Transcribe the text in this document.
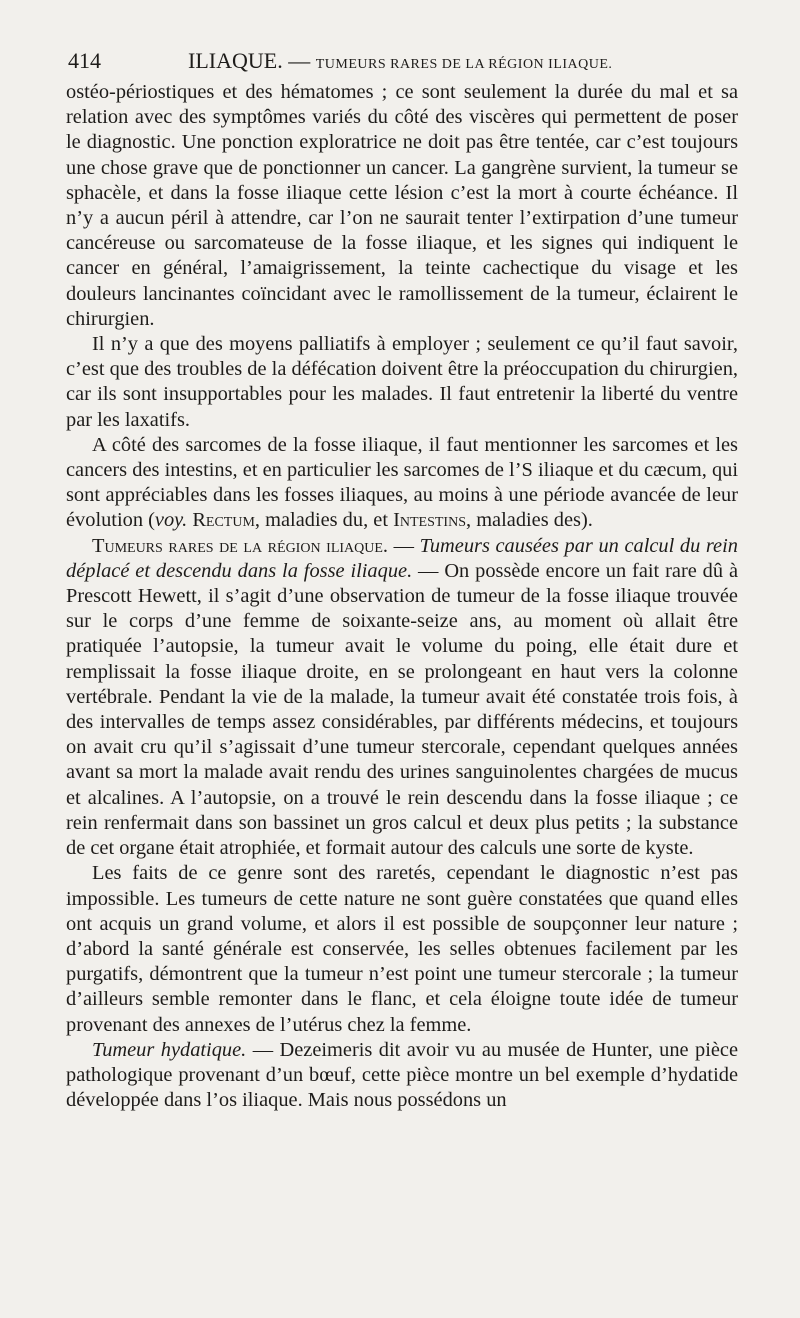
414	ILIAQUE. — TUMEURS RARES DE LA RÉGION ILIAQUE.

ostéo-périostiques et des hématomes ; ce sont seulement la durée du mal et sa relation avec des symptômes variés du côté des viscères qui permettent de poser le diagnostic. Une ponction exploratrice ne doit pas être tentée, car c’est toujours une chose grave que de ponctionner un cancer. La gangrène survient, la tumeur se sphacèle, et dans la fosse iliaque cette lésion c’est la mort à courte échéance. Il n’y a aucun péril à attendre, car l’on ne saurait tenter l’extirpation d’une tumeur cancéreuse ou sarcomateuse de la fosse iliaque, et les signes qui indiquent le cancer en général, l’amaigrissement, la teinte cachectique du visage et les douleurs lancinantes coïncidant avec le ramollissement de la tumeur, éclairent le chirurgien.

Il n’y a que des moyens palliatifs à employer ; seulement ce qu’il faut savoir, c’est que des troubles de la défécation doivent être la préoccupation du chirurgien, car ils sont insupportables pour les malades. Il faut entretenir la liberté du ventre par les laxatifs.

A côté des sarcomes de la fosse iliaque, il faut mentionner les sarcomes et les cancers des intestins, et en particulier les sarcomes de l’S iliaque et du cæcum, qui sont appréciables dans les fosses iliaques, au moins à une période avancée de leur évolution (voy. Rectum, maladies du, et Intestins, maladies des).

Tumeurs rares de la région iliaque. — Tumeurs causées par un calcul du rein déplacé et descendu dans la fosse iliaque. — On possède encore un fait rare dû à Prescott Hewett, il s’agit d’une observation de tumeur de la fosse iliaque trouvée sur le corps d’une femme de soixante-seize ans, au moment où allait être pratiquée l’autopsie, la tumeur avait le volume du poing, elle était dure et remplissait la fosse iliaque droite, en se prolongeant en haut vers la colonne vertébrale. Pendant la vie de la malade, la tumeur avait été constatée trois fois, à des intervalles de temps assez considérables, par différents médecins, et toujours on avait cru qu’il s’agissait d’une tumeur stercorale, cependant quelques années avant sa mort la malade avait rendu des urines sanguinolentes chargées de mucus et alcalines. A l’autopsie, on a trouvé le rein descendu dans la fosse iliaque ; ce rein renfermait dans son bassinet un gros calcul et deux plus petits ; la substance de cet organe était atrophiée, et formait autour des calculs une sorte de kyste.

Les faits de ce genre sont des raretés, cependant le diagnostic n’est pas impossible. Les tumeurs de cette nature ne sont guère constatées que quand elles ont acquis un grand volume, et alors il est possible de soupçonner leur nature ; d’abord la santé générale est conservée, les selles obtenues facilement par les purgatifs, démontrent que la tumeur n’est point une tumeur stercorale ; la tumeur d’ailleurs semble remonter dans le flanc, et cela éloigne toute idée de tumeur provenant des annexes de l’utérus chez la femme.

Tumeur hydatique. — Dezeimeris dit avoir vu au musée de Hunter, une pièce pathologique provenant d’un bœuf, cette pièce montre un bel exemple d’hydatide développée dans l’os iliaque. Mais nous possédons un
